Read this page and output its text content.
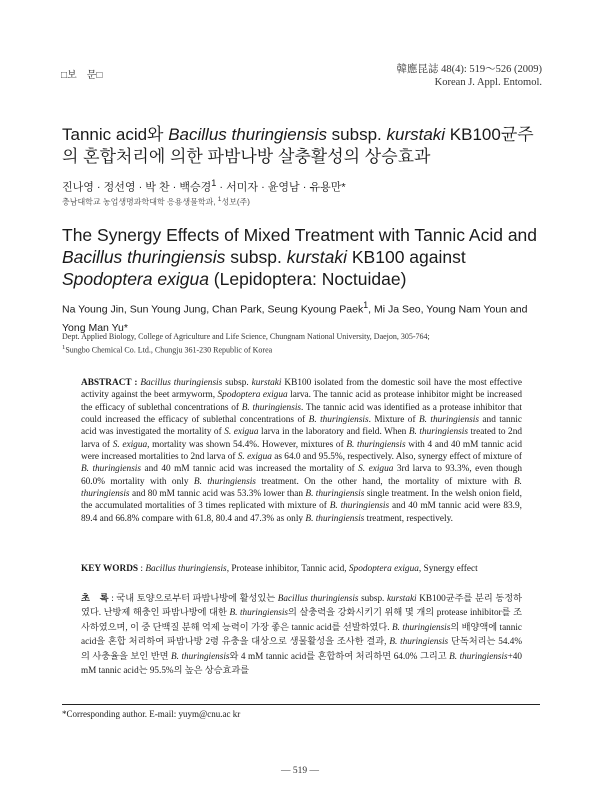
□보　문□
韓應昆誌 48(4): 519～526 (2009)
Korean J. Appl. Entomol.
Tannic acid와 Bacillus thuringiensis subsp. kurstaki KB100균주의 혼합처리에 의한 파밤나방 살충활성의 상승효과
진나영 · 정선영 · 박 찬 · 백승경$^1$ · 서미자 · 윤영남 · 유용만*
충남대학교 농업생명과학대학 응용생물학과, $^1$성보(주)
The Synergy Effects of Mixed Treatment with Tannic Acid and Bacillus thuringiensis subsp. kurstaki KB100 against Spodoptera exigua (Lepidoptera: Noctuidae)
Na Young Jin, Sun Young Jung, Chan Park, Seung Kyoung Paek$^1$, Mi Ja Seo, Young Nam Youn and Yong Man Yu*
Dept. Applied Biology, College of Agriculture and Life Science, Chungnam National University, Daejon, 305-764;
$^1$Sungbo Chemical Co. Ltd., Chungju 361-230 Republic of Korea
ABSTRACT : Bacillus thuringiensis subsp. kurstaki KB100 isolated from the domestic soil have the most effective activity against the beet armyworm, Spodoptera exigua larva. The tannic acid as protease inhibitor might be increased the efficacy of sublethal concentrations of B. thuringiensis. The tannic acid was identified as a protease inhibitor that could increased the efficacy of sublethal concentrations of B. thuringiensis. Mixture of B. thuringiensis and tannic acid was investigated the mortality of S. exigua larva in the laboratory and field. When B. thuringiensis treated to 2nd larva of S. exigua, mortality was shown 54.4%. However, mixtures of B. thuringiensis with 4 and 40 mM tannic acid were increased mortalities to 2nd larva of S. exigua as 64.0 and 95.5%, respectively. Also, synergy effect of mixture of B. thuringiensis and 40 mM tannic acid was increased the mortality of S. exigua 3rd larva to 93.3%, even though 60.0% mortality with only B. thuringiensis treatment. On the other hand, the mortality of mixture with B. thuringiensis and 80 mM tannic acid was 53.3% lower than B. thuringiensis single treatment. In the welsh onion field, the accumulated mortalities of 3 times replicated with mixture of B. thuringiensis and 40 mM tannic acid were 83.9, 89.4 and 66.8% compare with 61.8, 80.4 and 47.3% as only B. thuringiensis treatment, respectively.
KEY WORDS : Bacillus thuringiensis, Protease inhibitor, Tannic acid, Spodoptera exigua, Synergy effect
초　록 : 국내 토양으로부터 파밤나방에 활성있는 Bacillus thuringiensis subsp. kurstaki KB100균주를 분리 동정하였다. 난방제 해충인 파밤나방에 대한 B. thuringiensis의 살충력을 강화시키기 위해 몇 개의 protease inhibitor를 조사하였으며, 이 중 단백질 분해 억제 능력이 가장 좋은 tannic acid를 선발하였다. B. thuringiensis의 배양액에 tannic acid을 혼합 처리하여 파밤나방 2령 유충을 대상으로 생물활성을 조사한 결과, B. thuringiensis 단독처리는 54.4%의 사충율을 보인 반면 B. thuringiensis와 4 mM tannic acid를 혼합하여 처리하면 64.0% 그리고 B. thuringiensis+40 mM tannic acid는 95.5%의 높은 상승효과를
*Corresponding author. E-mail: yuym@cnu.ac kr
— 519 —
